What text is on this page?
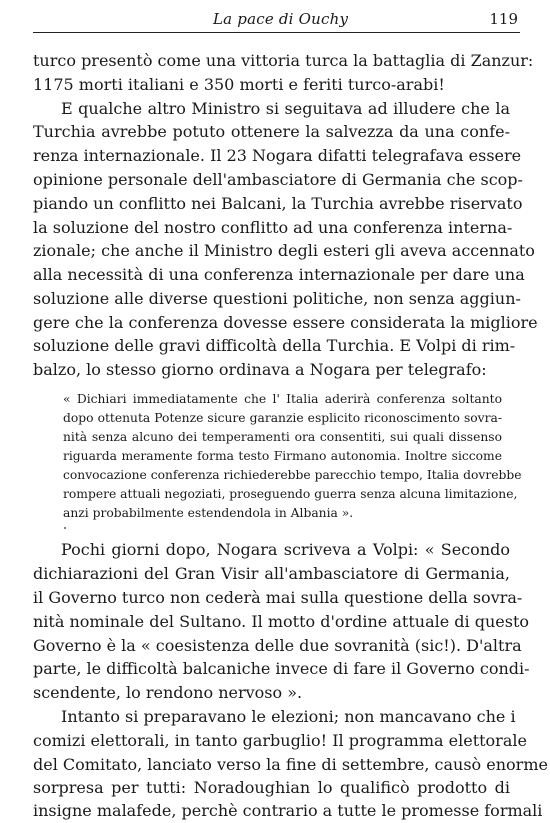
La pace di Ouchy	119
turco presentò come una vittoria turca la battaglia di Zanzur:
1175 morti italiani e 350 morti e feriti turco-arabi!
E qualche altro Ministro si seguitava ad illudere che la
Turchia avrebbe potuto ottenere la salvezza da una confe-
renza internazionale. Il 23 Nogara difatti telegrafava essere
opinione personale dell'ambasciatore di Germania che scop-
piando un conflitto nei Balcani, la Turchia avrebbe riservato
la soluzione del nostro conflitto ad una conferenza interna-
zionale; che anche il Ministro degli esteri gli aveva accennato
alla necessità di una conferenza internazionale per dare una
soluzione alle diverse questioni politiche, non senza aggiun-
gere che la conferenza dovesse essere considerata la migliore
soluzione delle gravi difficoltà della Turchia. E Volpi di rim-
balzo, lo stesso giorno ordinava a Nogara per telegrafo:
« Dichiari immediatamente che l' Italia aderirà conferenza soltanto
dopo ottenuta Potenze sicure garanzie esplicito riconoscimento sovra-
nità senza alcuno dei temperamenti ora consentiti, sui quali dissenso
riguarda meramente forma testo Firmano autonomia. Inoltre siccome
convocazione conferenza richiederebbe parecchio tempo, Italia dovrebbe
rompere attuali negoziati, proseguendo guerra senza alcuna limitazione,
anzi probabilmente estendendola in Albania ».
Pochi giorni dopo, Nogara scriveva a Volpi: « Secondo
dichiarazioni del Gran Visir all'ambasciatore di Germania,
il Governo turco non cederà mai sulla questione della sovra-
nità nominale del Sultano. Il motto d'ordine attuale di questo
Governo è la « coesistenza delle due sovranità (sic!). D'altra
parte, le difficoltà balcaniche invece di fare il Governo condi-
scendente, lo rendono nervoso ».
Intanto si preparavano le elezioni; non mancavano che i
comizi elettorali, in tanto garbuglio! Il programma elettorale
del Comitato, lanciato verso la fine di settembre, causò enorme
sorpresa per tutti: Noradoughian lo qualificò prodotto di
insigne malafede, perchè contrario a tutte le promesse formali
